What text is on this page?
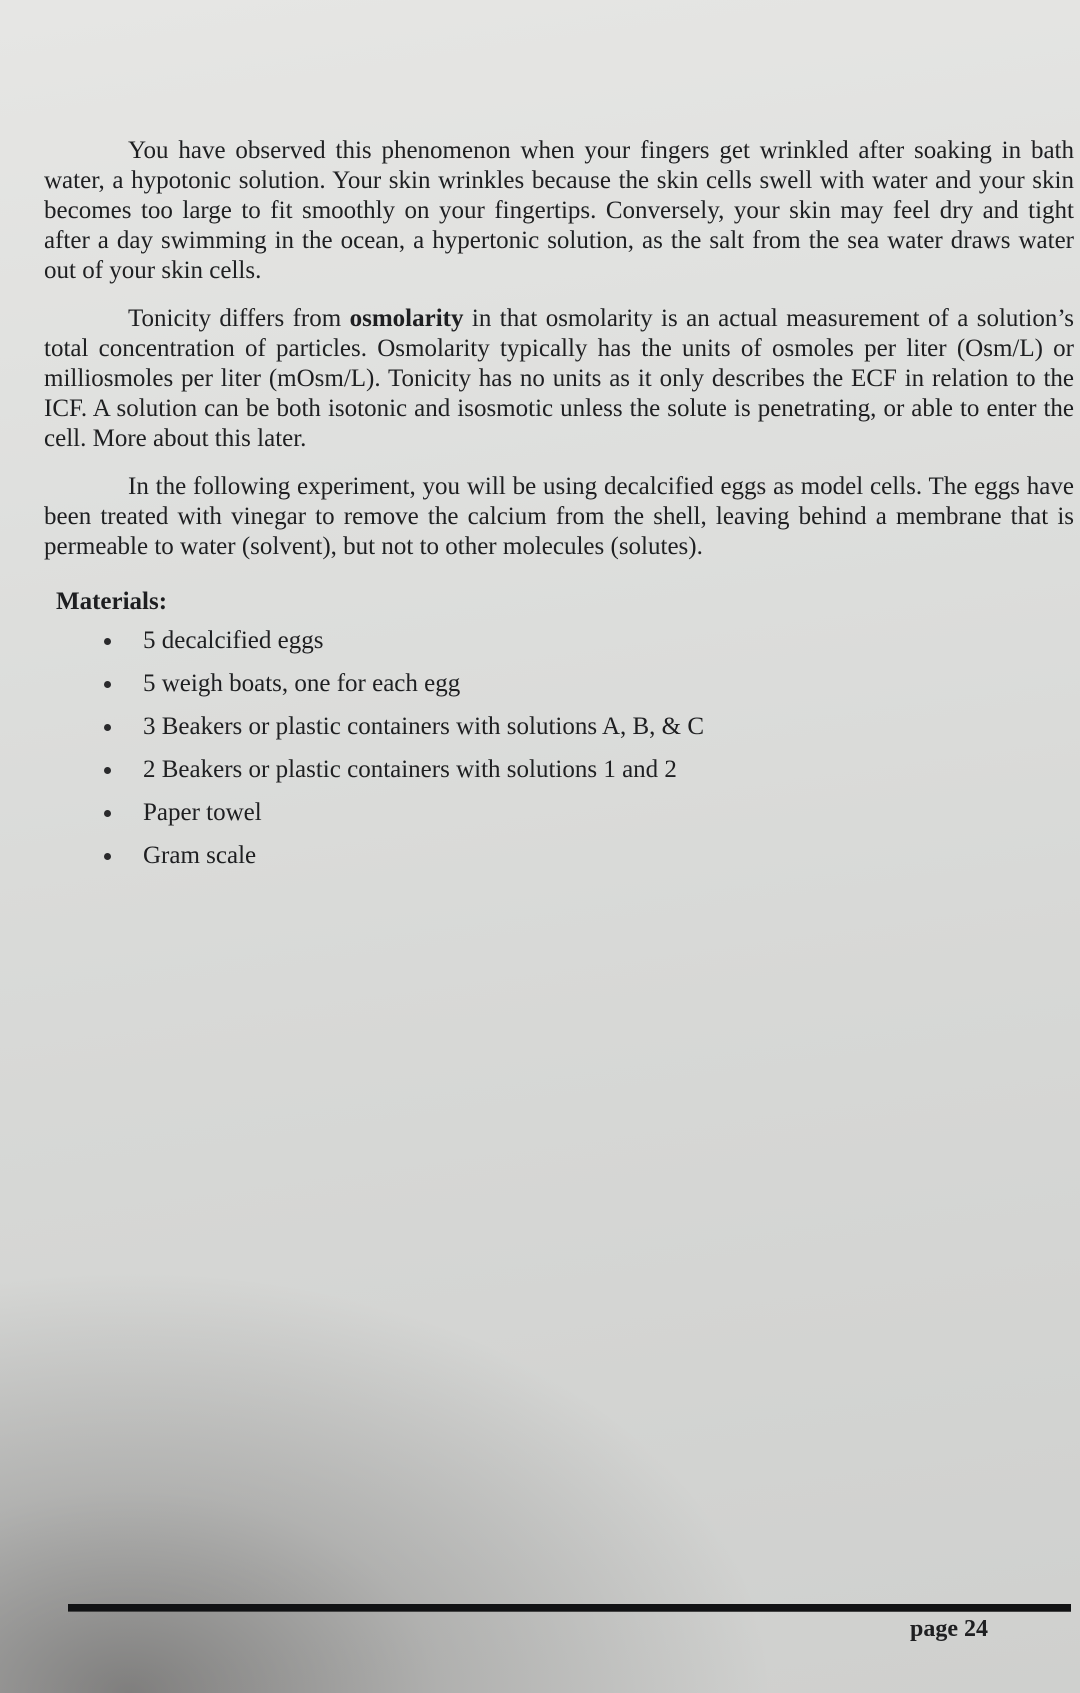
You have observed this phenomenon when your fingers get wrinkled after soaking in bath water, a hypotonic solution. Your skin wrinkles because the skin cells swell with water and your skin becomes too large to fit smoothly on your fingertips. Conversely, your skin may feel dry and tight after a day swimming in the ocean, a hypertonic solution, as the salt from the sea water draws water out of your skin cells.

Tonicity differs from osmolarity in that osmolarity is an actual measurement of a solution’s total concentration of particles. Osmolarity typically has the units of osmoles per liter (Osm/L) or milliosmoles per liter (mOsm/L). Tonicity has no units as it only describes the ECF in relation to the ICF. A solution can be both isotonic and isosmotic unless the solute is penetrating, or able to enter the cell. More about this later.

In the following experiment, you will be using decalcified eggs as model cells. The eggs have been treated with vinegar to remove the calcium from the shell, leaving behind a membrane that is permeable to water (solvent), but not to other molecules (solutes).

Materials:
5 decalcified eggs
5 weigh boats, one for each egg
3 Beakers or plastic containers with solutions A, B, & C
2 Beakers or plastic containers with solutions 1 and 2
Paper towel
Gram scale
page 24
